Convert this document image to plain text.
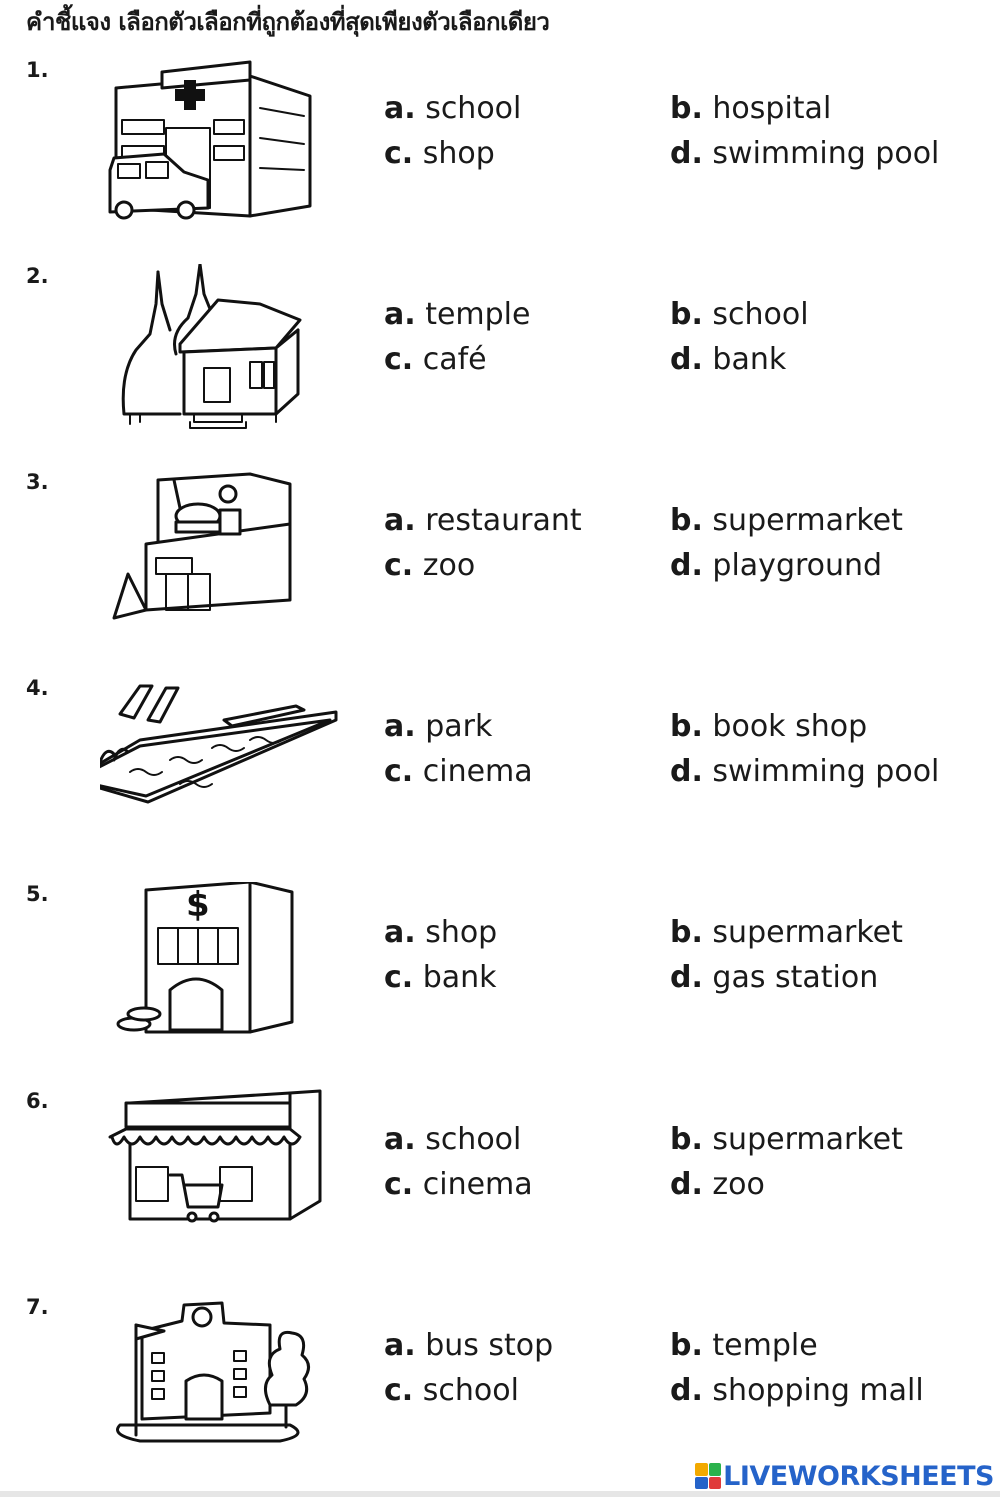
คำชี้แจง เลือกตัวเลือกที่ถูกต้องที่สุดเพียงตัวเลือกเดียว
1.
a. school	b. hospital
c. shop	d. swimming pool
2.
a. temple	b. school
c. café	d. bank
3.
a. restaurant	b. supermarket
c. zoo	d. playground
4.
a. park	b. book shop
c. cinema	d. swimming pool
5.	$
a. shop	b. supermarket
c. bank	d. gas station
6.
a. school	b. supermarket
c. cinema	d. zoo
7.
a. bus stop	b. temple
c. school	d. shopping mall
LIVEWORKSHEETS
